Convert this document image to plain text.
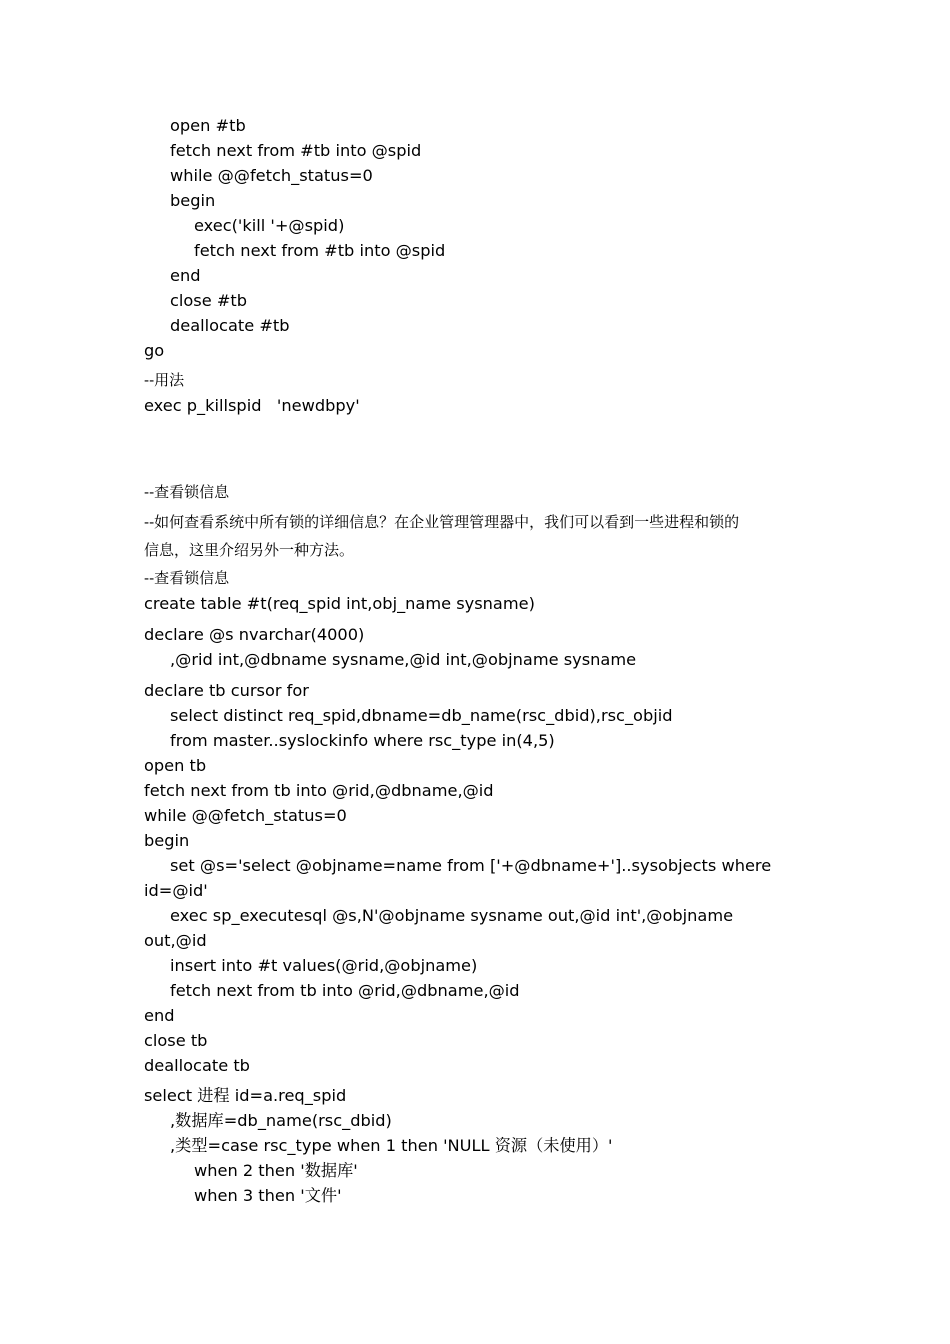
open #tb
fetch next from #tb into @spid
while @@fetch_status=0
begin
exec('kill '+@spid)
fetch next from #tb into @spid
end
close #tb
deallocate #tb
go
--用法
exec p_killspid   'newdbpy'
--查看锁信息
--如何查看系统中所有锁的详细信息？在企业管理管理器中，我们可以看到一些进程和锁的
信息，这里介绍另外一种方法。
--查看锁信息
create table #t(req_spid int,obj_name sysname)
declare @s nvarchar(4000)
,@rid int,@dbname sysname,@id int,@objname sysname
declare tb cursor for
select distinct req_spid,dbname=db_name(rsc_dbid),rsc_objid
from master..syslockinfo where rsc_type in(4,5)
open tb
fetch next from tb into @rid,@dbname,@id
while @@fetch_status=0
begin
set @s='select @objname=name from ['+@dbname+']..sysobjects where
id=@id'
exec sp_executesql @s,N'@objname sysname out,@id int',@objname
out,@id
insert into #t values(@rid,@objname)
fetch next from tb into @rid,@dbname,@id
end
close tb
deallocate tb
select 进程 id=a.req_spid
,数据库=db_name(rsc_dbid)
,类型=case rsc_type when 1 then 'NULL 资源（未使用）'
when 2 then '数据库'
when 3 then '文件'
